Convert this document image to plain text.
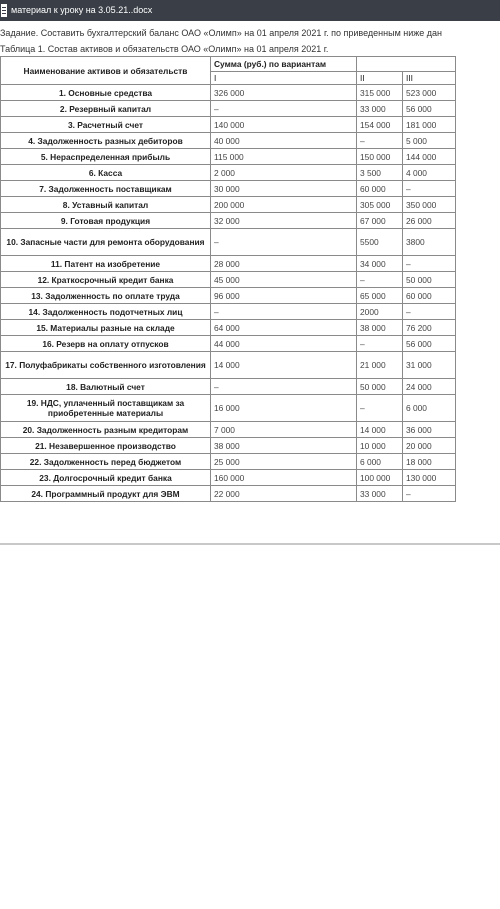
материал к уроку на 3.05.21..docx
Задание. Составить бухгалтерский баланс ОАО «Олимп» на 01 апреля 2021 г. по приведенным ниже дан
Таблица 1. Состав активов и обязательств ОАО «Олимп» на 01 апреля 2021 г.
Наименование активов и обязательств	Сумма (руб.) по вариантам		
	I	II	III
1. Основные средства	326 000	315 000	523 000
2. Резервный капитал	–	33 000	56 000
3. Расчетный счет	140 000	154 000	181 000
4. Задолженность разных дебиторов	40 000	–	5 000
5. Нераспределенная прибыль	115 000	150 000	144 000
6. Касса	2 000	3 500	4 000
7. Задолженность поставщикам	30 000	60 000	–
8. Уставный капитал	200 000	305 000	350 000
9. Готовая продукция	32 000	67 000	26 000
10. Запасные части для ремонта оборудования	–	5500	3800
11. Патент на изобретение	28 000	34 000	–
12. Краткосрочный кредит банка	45 000	–	50 000
13. Задолженность по оплате труда	96 000	65 000	60 000
14. Задолженность подотчетных лиц	–	2000	–
15. Материалы разные на складе	64 000	38 000	76 200
16. Резерв на оплату отпусков	44 000	–	56 000
17. Полуфабрикаты собственного изготовления	14 000	21 000	31 000
18. Валютный счет	–	50 000	24 000
19. НДС, уплаченный поставщикам за приобретенные материалы	16 000	–	6 000
20. Задолженность разным кредиторам	7 000	14 000	36 000
21. Незавершенное производство	38 000	10 000	20 000
22. Задолженность перед бюджетом	25 000	6 000	18 000
23. Долгосрочный кредит банка	160 000	100 000	130 000
24. Программный продукт для ЭВМ	22 000	33 000	–
